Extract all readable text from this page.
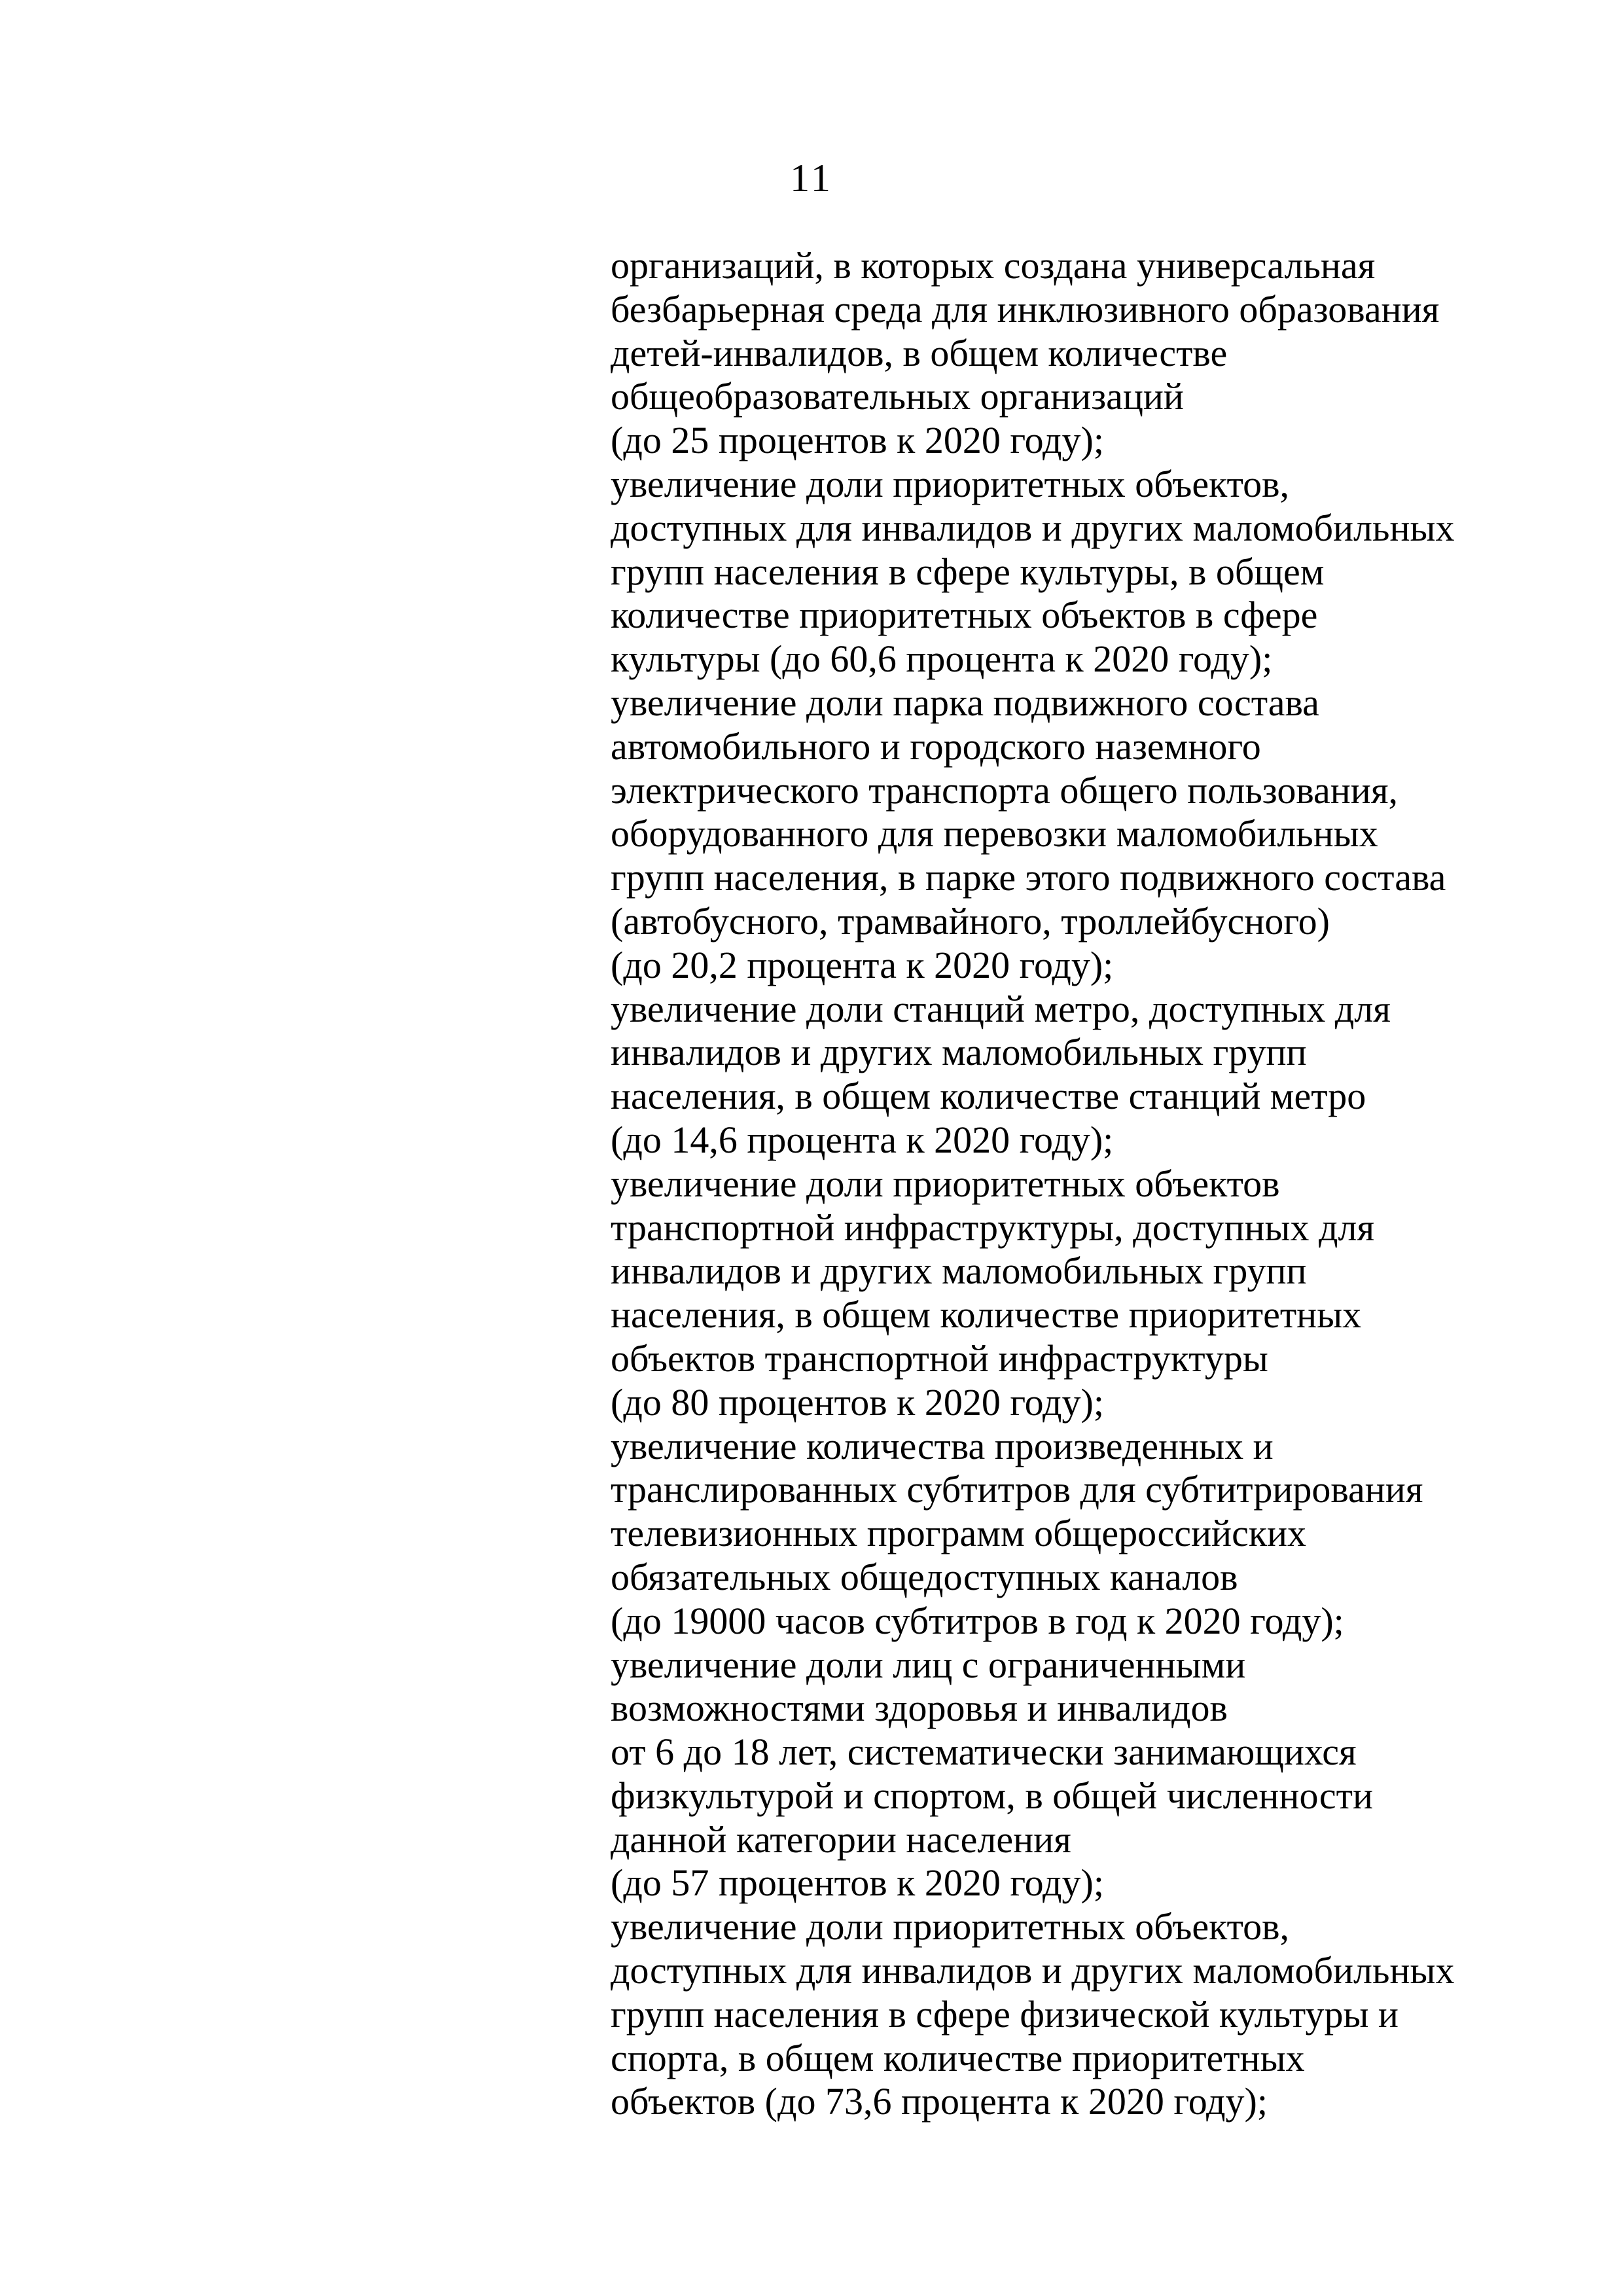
11
организаций, в которых создана универсальная
безбарьерная среда для инклюзивного образования
детей-инвалидов, в общем количестве
общеобразовательных организаций
(до 25 процентов к 2020 году);
увеличение доли приоритетных объектов,
доступных для инвалидов и других маломобильных
групп населения в сфере культуры, в общем
количестве приоритетных объектов в сфере
культуры (до 60,6 процента к 2020 году);
увеличение доли парка подвижного состава
автомобильного и городского наземного
электрического транспорта общего пользования,
оборудованного для перевозки маломобильных
групп населения, в парке этого подвижного состава
(автобусного, трамвайного, троллейбусного)
(до 20,2 процента к 2020 году);
увеличение доли станций метро, доступных для
инвалидов и других маломобильных групп
населения, в общем количестве станций метро
(до 14,6 процента к 2020 году);
увеличение доли приоритетных объектов
транспортной инфраструктуры, доступных для
инвалидов и других маломобильных групп
населения, в общем количестве приоритетных
объектов транспортной инфраструктуры
(до 80 процентов к 2020 году);
увеличение количества произведенных и
транслированных субтитров для субтитрирования
телевизионных программ общероссийских
обязательных общедоступных каналов
(до 19000 часов субтитров в год к 2020 году);
увеличение доли лиц с ограниченными
возможностями здоровья и инвалидов
от 6 до 18 лет, систематически занимающихся
физкультурой и спортом, в общей численности
данной категории населения
(до 57 процентов к 2020 году);
увеличение доли приоритетных объектов,
доступных для инвалидов и других маломобильных
групп населения в сфере физической культуры и
спорта, в общем количестве приоритетных
объектов (до 73,6 процента к 2020 году);
